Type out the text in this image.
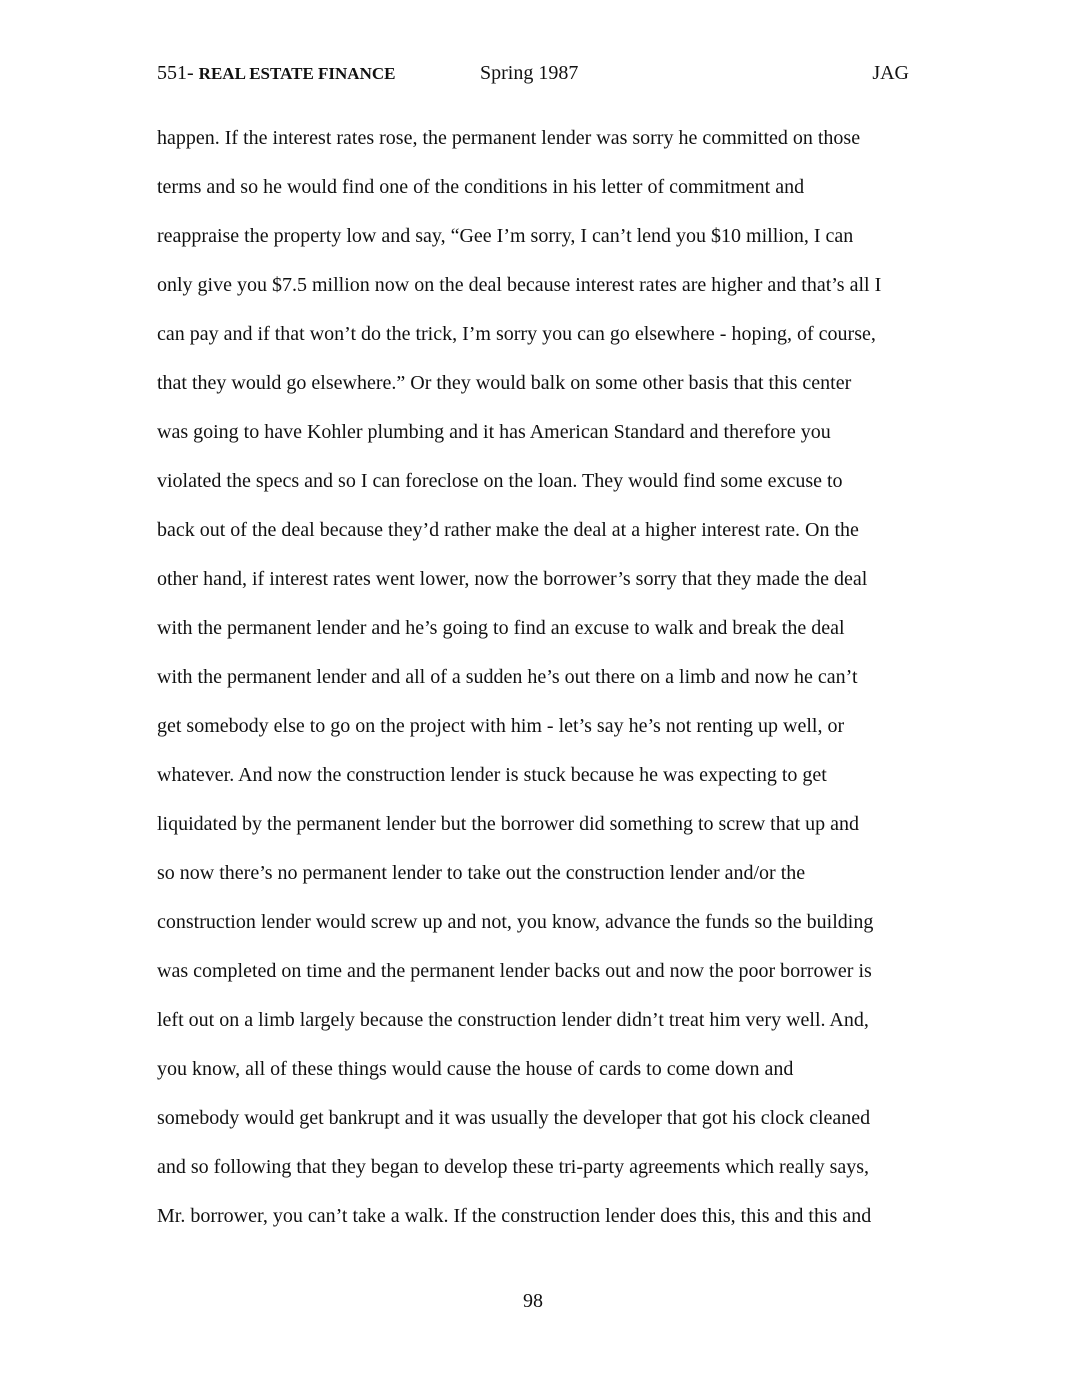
551- REAL ESTATE FINANCE	Spring 1987	JAG
happen. If the interest rates rose, the permanent lender was sorry he committed on those
terms and so he would find one of the conditions in his letter of commitment and
reappraise the property low and say, “Gee I’m sorry, I can’t lend you $10 million, I can
only give you $7.5 million now on the deal because interest rates are higher and that’s all I
can pay and if that won’t do the trick, I’m sorry you can go elsewhere - hoping, of course,
that they would go elsewhere.” Or they would balk on some other basis that this center
was going to have Kohler plumbing and it has American Standard and therefore you
violated the specs and so I can foreclose on the loan. They would find some excuse to
back out of the deal because they’d rather make the deal at a higher interest rate. On the
other hand, if interest rates went lower, now the borrower’s sorry that they made the deal
with the permanent lender and he’s going to find an excuse to walk and break the deal
with the permanent lender and all of a sudden he’s out there on a limb and now he can’t
get somebody else to go on the project with him - let’s say he’s not renting up well, or
whatever. And now the construction lender is stuck because he was expecting to get
liquidated by the permanent lender but the borrower did something to screw that up and
so now there’s no permanent lender to take out the construction lender and/or the
construction lender would screw up and not, you know, advance the funds so the building
was completed on time and the permanent lender backs out and now the poor borrower is
left out on a limb largely because the construction lender didn’t treat him very well. And,
you know, all of these things would cause the house of cards to come down and
somebody would get bankrupt and it was usually the developer that got his clock cleaned
and so following that they began to develop these tri-party agreements which really says,
Mr. borrower, you can’t take a walk. If the construction lender does this, this and this and
98
